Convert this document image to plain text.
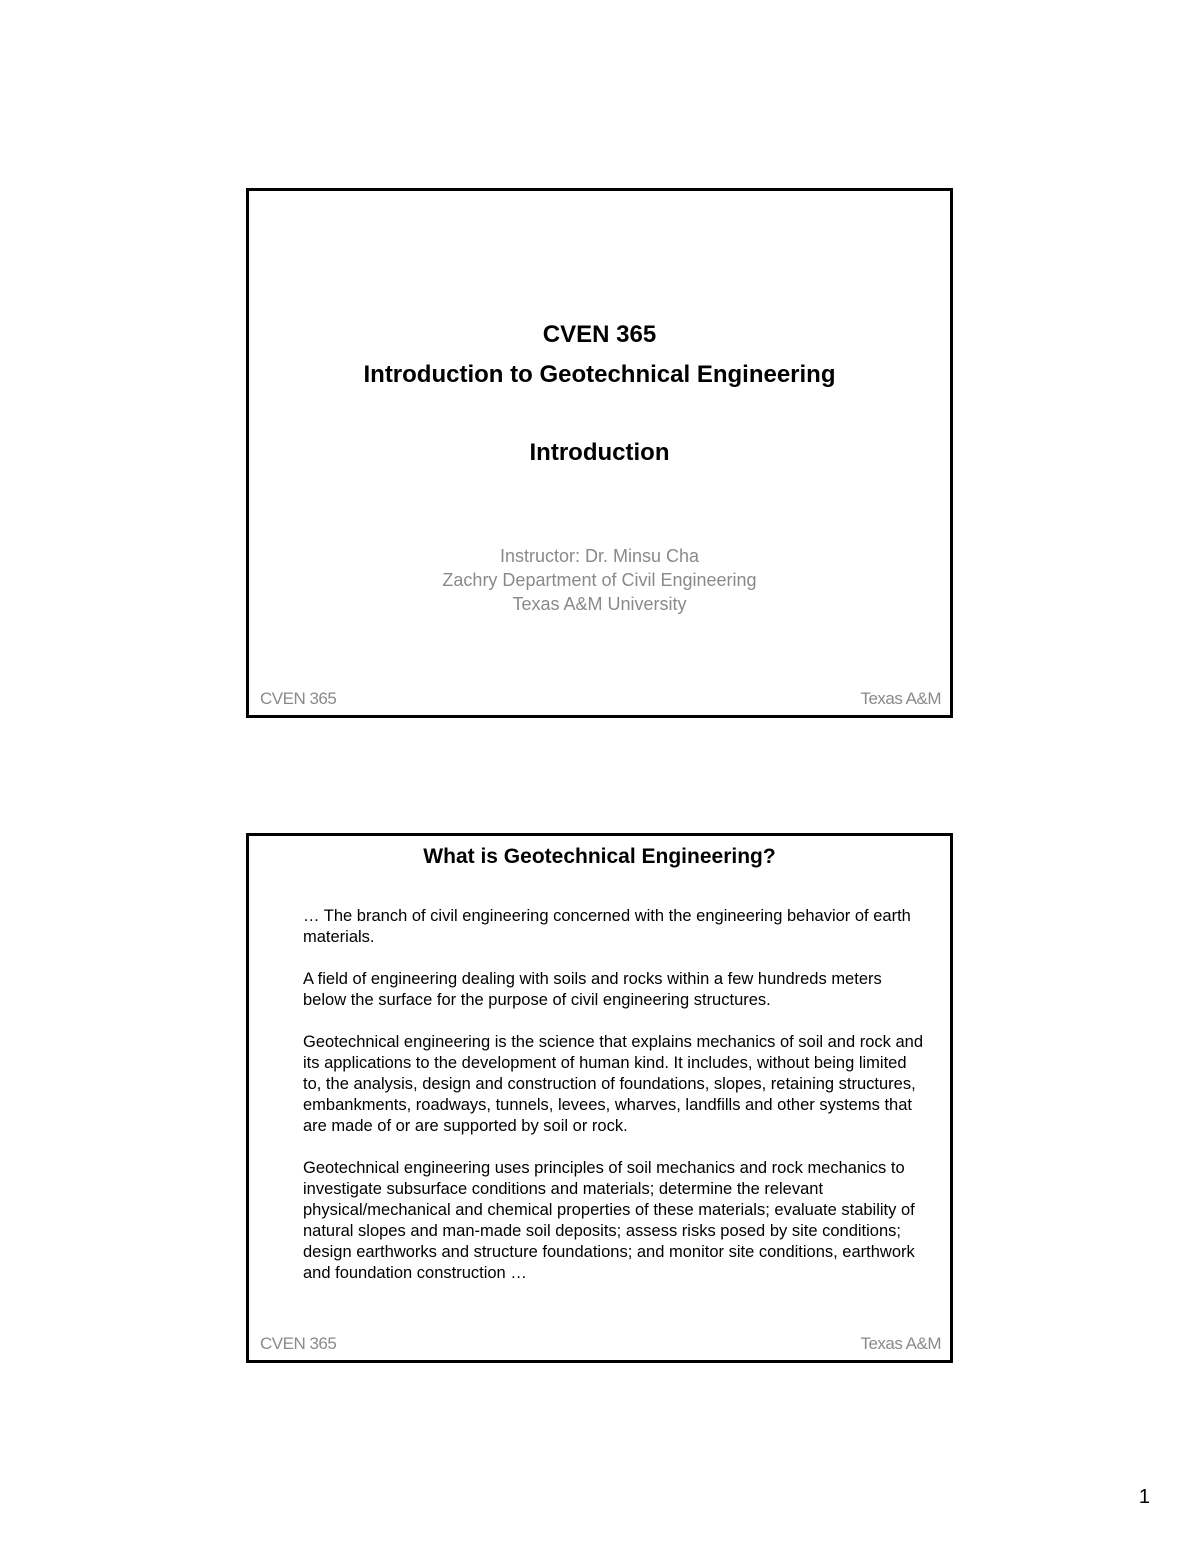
CVEN 365
Introduction to Geotechnical Engineering
Introduction
Instructor: Dr. Minsu Cha
Zachry Department of Civil Engineering
Texas A&M University
CVEN 365	Texas A&M
What is Geotechnical Engineering?

… The branch of civil engineering concerned with the engineering behavior of earth materials.

A field of engineering dealing with soils and rocks within a few hundreds meters below the surface for the purpose of civil engineering structures.

Geotechnical engineering is the science that explains mechanics of soil and rock and its applications to the development of human kind. It includes, without being limited to, the analysis, design and construction of foundations, slopes, retaining structures, embankments, roadways, tunnels, levees, wharves, landfills and other systems that are made of or are supported by soil or rock.

Geotechnical engineering uses principles of soil mechanics and rock mechanics to investigate subsurface conditions and materials; determine the relevant physical/mechanical and chemical properties of these materials; evaluate stability of natural slopes and man-made soil deposits; assess risks posed by site conditions; design earthworks and structure foundations; and monitor site conditions, earthwork and foundation construction …

CVEN 365	Texas A&M
1
